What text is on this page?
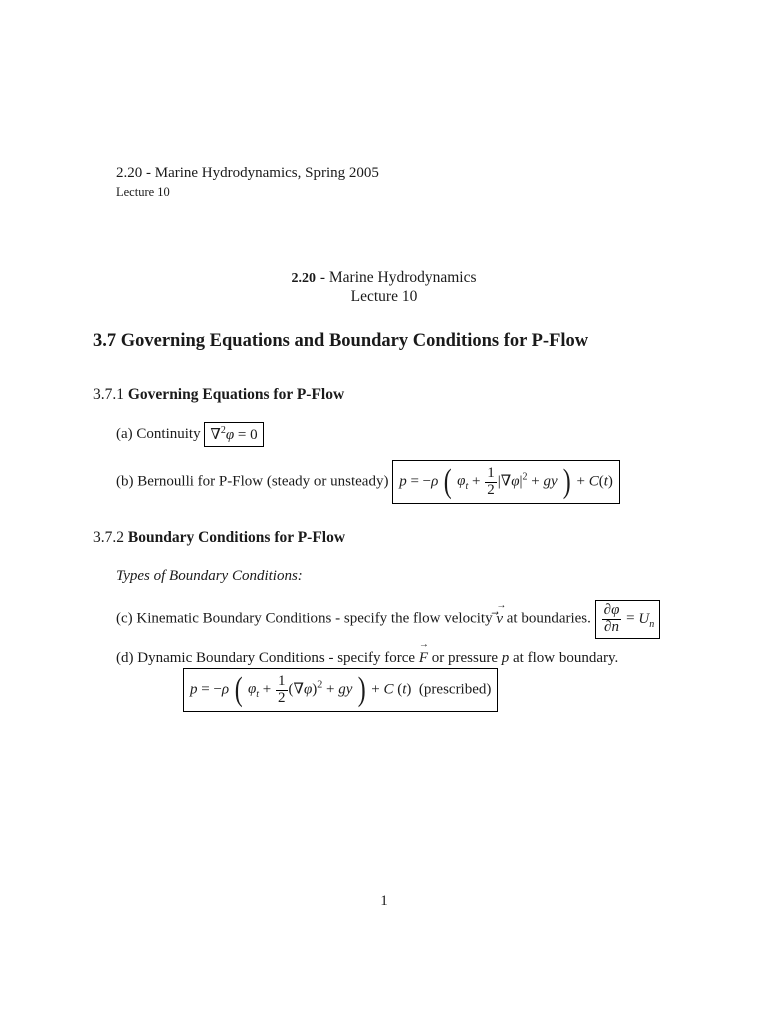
2.20 - Marine Hydrodynamics, Spring 2005
Lecture 10
2.20 - Marine Hydrodynamics
Lecture 10
3.7 Governing Equations and Boundary Conditions for P-Flow
3.7.1 Governing Equations for P-Flow
(a) Continuity ∇$^2$φ = 0
(b) Bernoulli for P-Flow (steady or unsteady) p = −ρ ( $\varphi_t + \frac{1}{2} |\nabla\varphi|^2$ + gy ) + C(t)
3.7.2 Boundary Conditions for P-Flow
Types of Boundary Conditions:
(c) Kinematic Boundary Conditions - specify the flow velocity v
→
at boundaries. $\frac{\partial\varphi}{\partial n} = U_n$
(d) Dynamic Boundary Conditions - specify force F
→
or pressure p at flow boundary.
p = −ρ ( $\varphi_t + \frac{1}{2} (\nabla\varphi)^2$ + gy ) + C (t)  (prescribed)
1
